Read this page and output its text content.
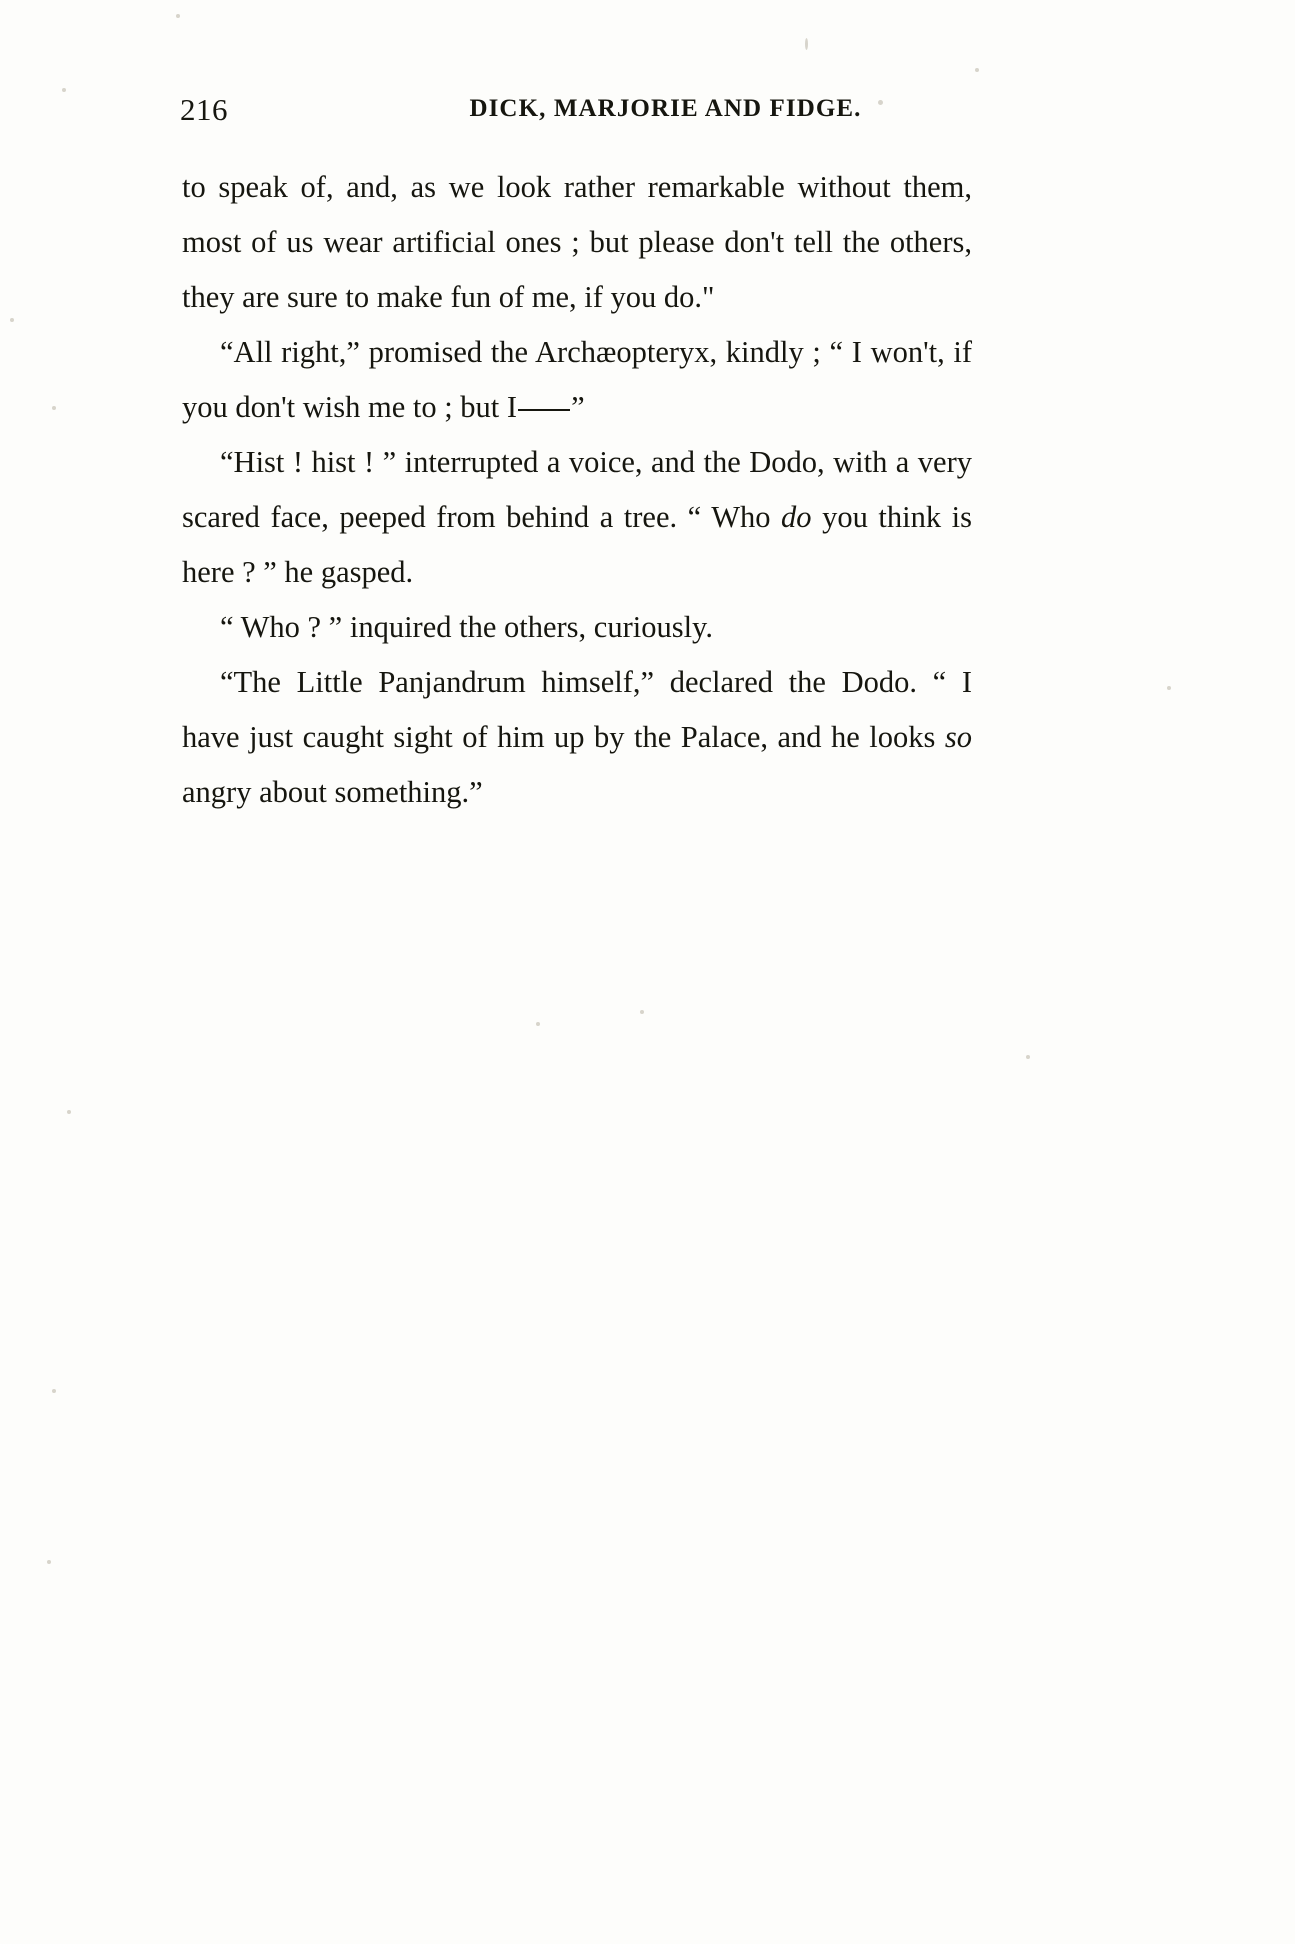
216	DICK, MARJORIE AND FIDGE.

to speak of, and, as we look rather remarkable without them, most of us wear artificial ones ; but please don't tell the others, they are sure to make fun of me, if you do."

“All right,” promised the Archæopteryx, kindly ; “ I won't, if you don't wish me to ; but I ”

“Hist ! hist ! ” interrupted a voice, and the Dodo, with a very scared face, peeped from behind a tree. “ Who do you think is here ? ” he gasped.

“ Who ? ” inquired the others, curiously.

“The Little Panjandrum himself,” declared the Dodo. “ I have just caught sight of him up by the Palace, and he looks so angry about something.”
